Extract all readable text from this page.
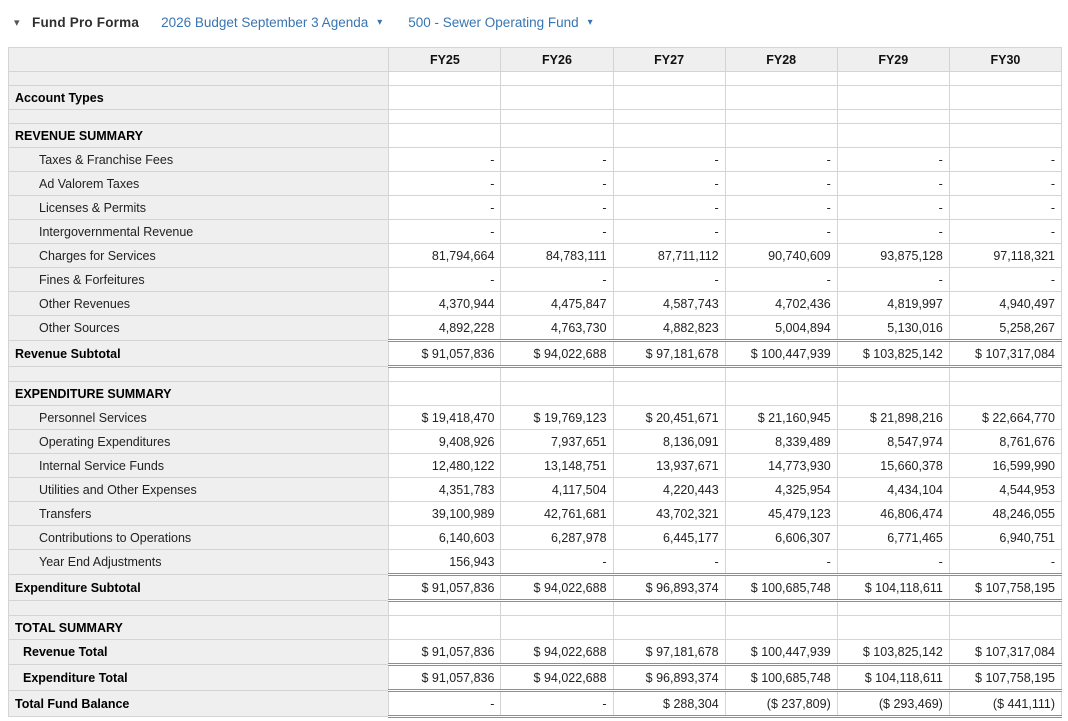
▾ Fund Pro Forma 2026 Budget September 3 Agenda ▾ 500 - Sewer Operating Fund ▾
	FY25	FY26	FY27	FY28	FY29	FY30

Account Types						

REVENUE SUMMARY						
Taxes & Franchise Fees	-	-	-	-	-	-
Ad Valorem Taxes	-	-	-	-	-	-
Licenses & Permits	-	-	-	-	-	-
Intergovernmental Revenue	-	-	-	-	-	-
Charges for Services	81,794,664	84,783,111	87,711,112	90,740,609	93,875,128	97,118,321
Fines & Forfeitures	-	-	-	-	-	-
Other Revenues	4,370,944	4,475,847	4,587,743	4,702,436	4,819,997	4,940,497
Other Sources	4,892,228	4,763,730	4,882,823	5,004,894	5,130,016	5,258,267
Revenue Subtotal	$ 91,057,836	$ 94,022,688	$ 97,181,678	$ 100,447,939	$ 103,825,142	$ 107,317,084

EXPENDITURE SUMMARY						
Personnel Services	$ 19,418,470	$ 19,769,123	$ 20,451,671	$ 21,160,945	$ 21,898,216	$ 22,664,770
Operating Expenditures	9,408,926	7,937,651	8,136,091	8,339,489	8,547,974	8,761,676
Internal Service Funds	12,480,122	13,148,751	13,937,671	14,773,930	15,660,378	16,599,990
Utilities and Other Expenses	4,351,783	4,117,504	4,220,443	4,325,954	4,434,104	4,544,953
Transfers	39,100,989	42,761,681	43,702,321	45,479,123	46,806,474	48,246,055
Contributions to Operations	6,140,603	6,287,978	6,445,177	6,606,307	6,771,465	6,940,751
Year End Adjustments	156,943	-	-	-	-	-
Expenditure Subtotal	$ 91,057,836	$ 94,022,688	$ 96,893,374	$ 100,685,748	$ 104,118,611	$ 107,758,195

TOTAL SUMMARY						
Revenue Total	$ 91,057,836	$ 94,022,688	$ 97,181,678	$ 100,447,939	$ 103,825,142	$ 107,317,084
Expenditure Total	$ 91,057,836	$ 94,022,688	$ 96,893,374	$ 100,685,748	$ 104,118,611	$ 107,758,195
Total Fund Balance	-	-	$ 288,304	($ 237,809)	($ 293,469)	($ 441,111)
